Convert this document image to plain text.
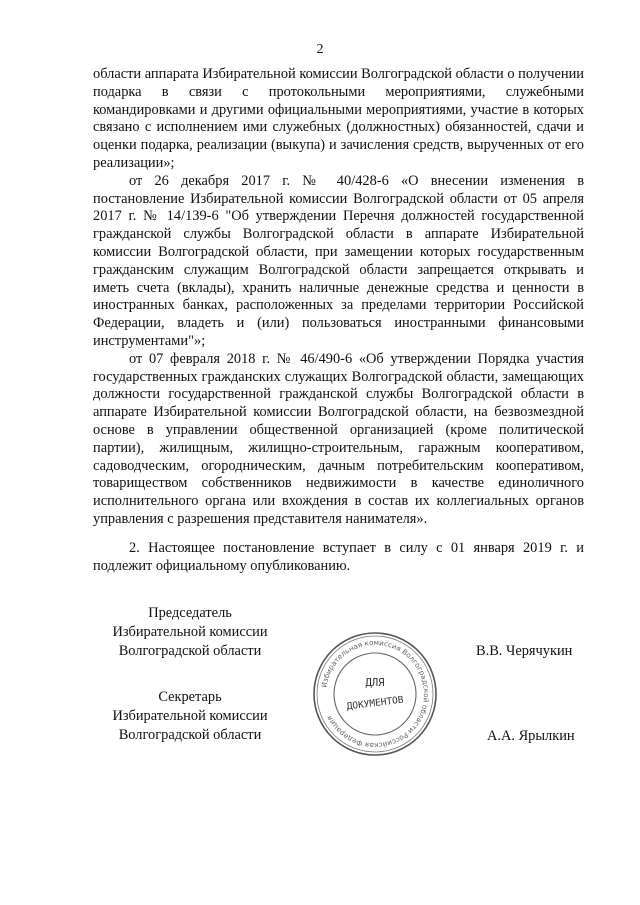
2

области аппарата Избирательной комиссии Волгоградской области о получении подарка в связи с протокольными мероприятиями, служебными командировками и другими официальными мероприятиями, участие в которых связано с исполнением ими служебных (должностных) обязанностей, сдачи и оценки подарка, реализации (выкупа) и зачисления средств, вырученных от его реализации»;

от 26 декабря 2017 г. № 40/428-6 «О внесении изменения в постановление Избирательной комиссии Волгоградской области от 05 апреля 2017 г. № 14/139-6 "Об утверждении Перечня должностей государственной гражданской службы Волгоградской области в аппарате Избирательной комиссии Волгоградской области, при замещении которых государственным гражданским служащим Волгоградской области запрещается открывать и иметь счета (вклады), хранить наличные денежные средства и ценности в иностранных банках, расположенных за пределами территории Российской Федерации, владеть и (или) пользоваться иностранными финансовыми инструментами"»;

от 07 февраля 2018 г. № 46/490-6 «Об утверждении Порядка участия государственных гражданских служащих Волгоградской области, замещающих должности государственной гражданской службы Волгоградской области в аппарате Избирательной комиссии Волгоградской области, на безвозмездной основе в управлении общественной организацией (кроме политической партии), жилищным, жилищно-строительным, гаражным кооперативом, садоводческим, огородническим, дачным потребительским кооперативом, товариществом собственников недвижимости в качестве единоличного исполнительного органа или вхождения в состав их коллегиальных органов управления с разрешения представителя нанимателя».

2. Настоящее постановление вступает в силу с 01 января 2019 г. и подлежит официальному опубликованию.

Председатель
Избирательной комиссии
Волгоградской области	В.В. Черячукин
Секретарь
Избирательной комиссии
Волгоградской области	А.А. Ярылкин
Избирательная комиссия Волгоградской области Российская Федерация
ДЛЯ
ДОКУМЕНТОВ
